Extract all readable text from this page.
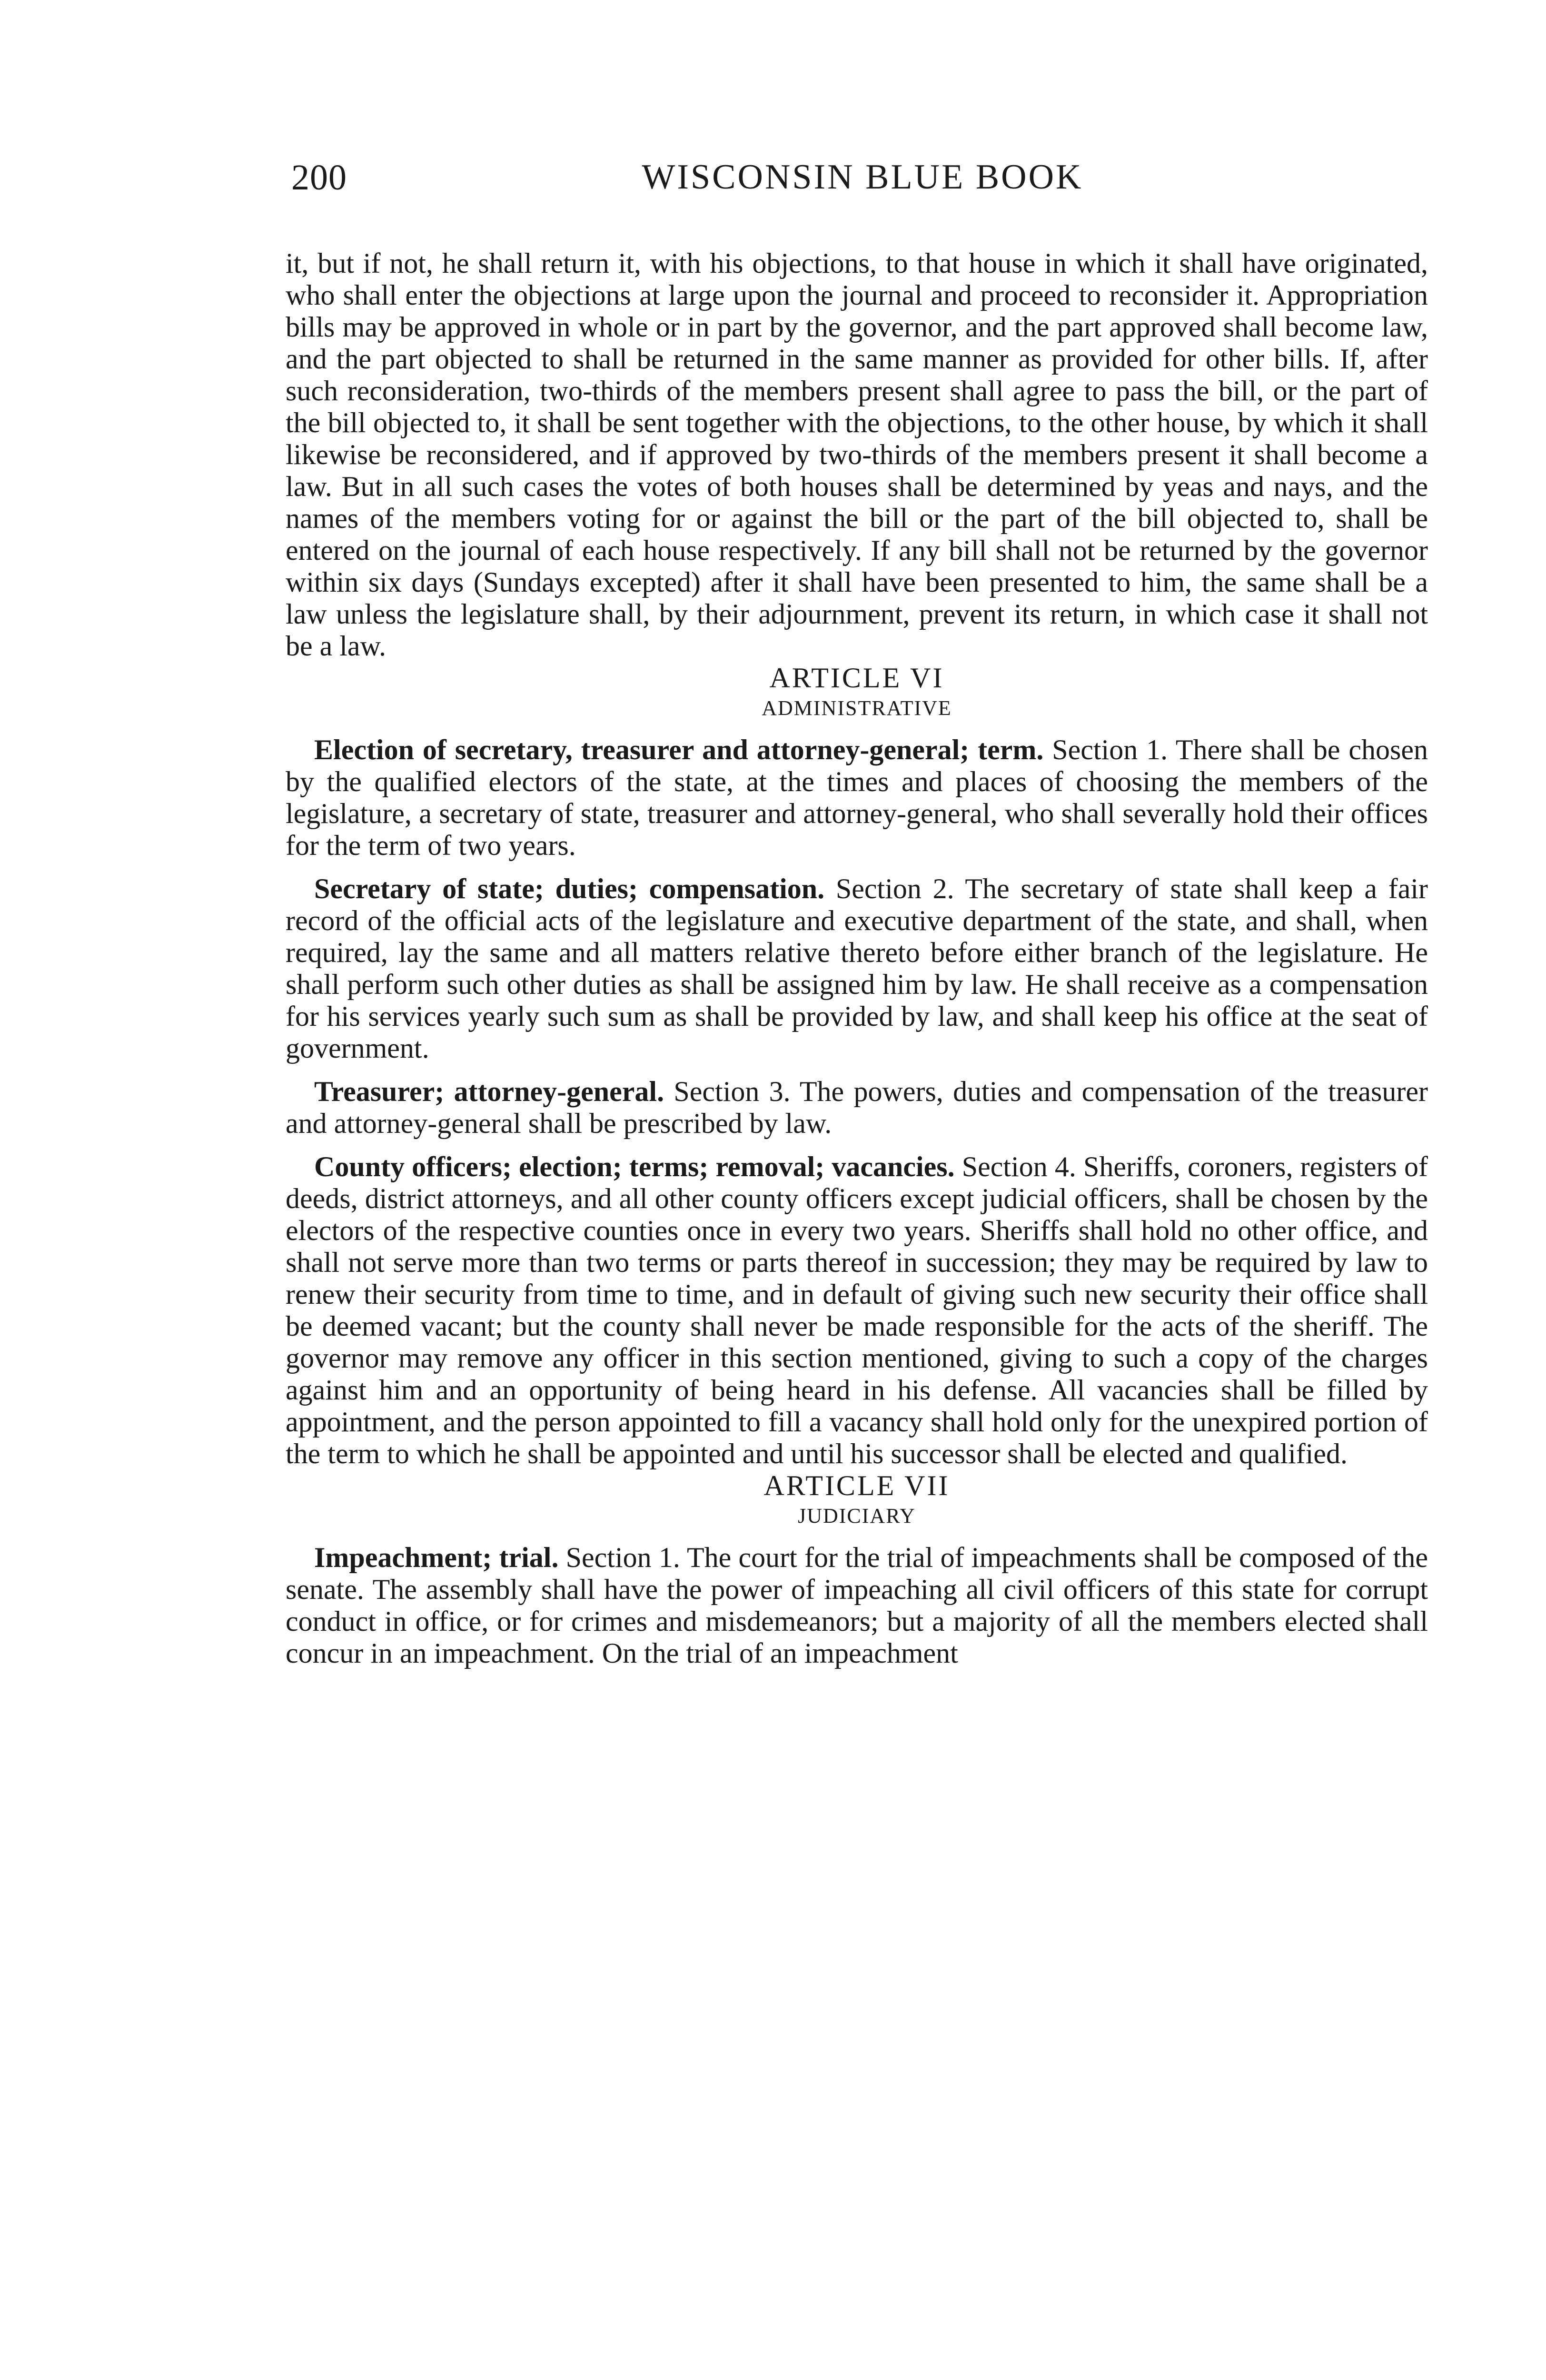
200	WISCONSIN BLUE BOOK

it, but if not, he shall return it, with his objections, to that house in which it shall have originated, who shall enter the objections at large upon the journal and proceed to reconsider it. Appropriation bills may be approved in whole or in part by the governor, and the part approved shall become law, and the part objected to shall be returned in the same manner as provided for other bills. If, after such reconsideration, two-thirds of the members present shall agree to pass the bill, or the part of the bill objected to, it shall be sent together with the objections, to the other house, by which it shall likewise be reconsidered, and if approved by two-thirds of the members present it shall become a law. But in all such cases the votes of both houses shall be determined by yeas and nays, and the names of the members voting for or against the bill or the part of the bill objected to, shall be entered on the journal of each house respectively. If any bill shall not be returned by the governor within six days (Sundays excepted) after it shall have been presented to him, the same shall be a law unless the legislature shall, by their adjournment, prevent its return, in which case it shall not be a law.

ARTICLE VI

ADMINISTRATIVE

Election of secretary, treasurer and attorney-general; term. Section 1. There shall be chosen by the qualified electors of the state, at the times and places of choosing the members of the legislature, a secretary of state, treasurer and attorney-general, who shall severally hold their offices for the term of two years.

Secretary of state; duties; compensation. Section 2. The secretary of state shall keep a fair record of the official acts of the legislature and executive department of the state, and shall, when required, lay the same and all matters relative thereto before either branch of the legislature. He shall perform such other duties as shall be assigned him by law. He shall receive as a compensation for his services yearly such sum as shall be provided by law, and shall keep his office at the seat of government.

Treasurer; attorney-general. Section 3. The powers, duties and compensation of the treasurer and attorney-general shall be prescribed by law.

County officers; election; terms; removal; vacancies. Section 4. Sheriffs, coroners, registers of deeds, district attorneys, and all other county officers except judicial officers, shall be chosen by the electors of the respective counties once in every two years. Sheriffs shall hold no other office, and shall not serve more than two terms or parts thereof in succession; they may be required by law to renew their security from time to time, and in default of giving such new security their office shall be deemed vacant; but the county shall never be made responsible for the acts of the sheriff. The governor may remove any officer in this section mentioned, giving to such a copy of the charges against him and an opportunity of being heard in his defense. All vacancies shall be filled by appointment, and the person appointed to fill a vacancy shall hold only for the unexpired portion of the term to which he shall be appointed and until his successor shall be elected and qualified.

ARTICLE VII

JUDICIARY

Impeachment; trial. Section 1. The court for the trial of impeachments shall be composed of the senate. The assembly shall have the power of impeaching all civil officers of this state for corrupt conduct in office, or for crimes and misdemeanors; but a majority of all the members elected shall concur in an impeachment. On the trial of an impeachment
